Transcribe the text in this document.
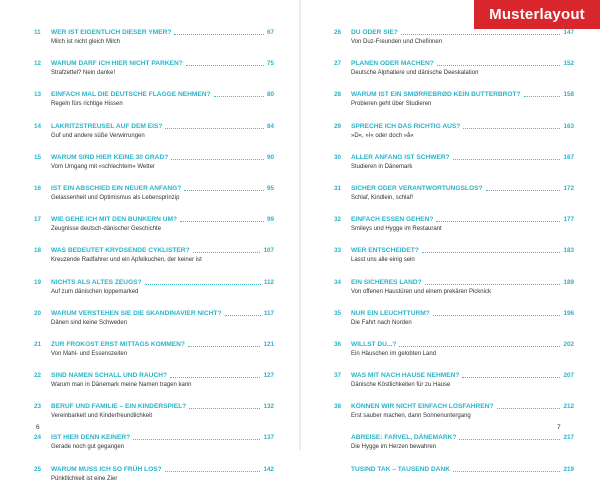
Musterlayout
11	WER IST EIGENTLICH DIESER YMER?	67
Milch ist nicht gleich Milch
12	WARUM DARF ICH HIER NICHT PARKEN?	75
Strafzettel? Nein danke!
13	EINFACH MAL DIE DEUTSCHE FLAGGE NEHMEN?	80
Regeln fürs richtige Hissen
14	LAKRITZSTREUSEL AUF DEM EIS?	84
Guf und andere süße Verwirrungen
15	WARUM SIND HIER KEINE 30 GRAD?	90
Vom Umgang mit »schlechtem« Wetter
16	IST EIN ABSCHIED EIN NEUER ANFANG?	95
Gelassenheit und Optimismus als Lebensprinzip
17	WIE GEHE ICH MIT DEN BUNKERN UM?	99
Zeugnisse deutsch-dänischer Geschichte
18	WAS BEDEUTET KRYDSENDE CYKLISTER?	107
Kreuzende Radfahrer und ein Apfelkuchen, der keiner ist
19	NICHTS ALS ALTES ZEUGS?	112
Auf zum dänischen loppemarked
20	WARUM VERSTEHEN SIE DIE SKANDINAVIER NICHT?	117
Dänen sind keine Schweden
21	ZUR FROKOST ERST MITTAGS KOMMEN?	121
Von Mahl- und Essenszeiten
22	SIND NAMEN SCHALL UND RAUCH?	127
Warum man in Dänemark meine Namen tragen kann
23	BERUF UND FAMILIE – EIN KINDERSPIEL?	132
Vereinbarkeit und Kinderfreundlichkeit
24	IST HIER DENN KEINER?	137
Gerade noch gut gegangen
25	WARUM MUSS ICH SO FRÜH LOS?	142
Pünktlichkeit ist eine Zier
26	DU ODER SIE?	147
Von Duz-Freunden und Chefinnen
27	PLANEN ODER MACHEN?	152
Deutsche Alphatiere und dänische Deeskalation
28	WARUM IST EIN SMØRREBRØD KEIN BUTTERBROT?	158
Probieren geht über Studieren
29	SPRECHE ICH DAS RICHTIG AUS?	163
»D«, »I« oder doch »å«
30	ALLER ANFANG IST SCHWER?	167
Studieren in Dänemark
31	SICHER ODER VERANTWORTUNGSLOS?	172
Schlaf, Kindlein, schlaf!
32	EINFACH ESSEN GEHEN?	177
Smileys und Hygge im Restaurant
33	WER ENTSCHEIDET?	183
Lasst uns alle einig sein
34	EIN SICHERES LAND?	189
Von offenen Haustüren und einem prekären Picknick
35	NUR EIN LEUCHTTURM?	196
Die Fahrt nach Norden
36	WILLST DU...?	202
Ein Häuschen im gelobten Land
37	WAS MIT NACH HAUSE NEHMEN?	207
Dänische Köstlichkeiten für zu Hause
38	KÖNNEN WIR NICHT EINFACH LOSFAHREN?	212
Erst sauber machen, dann Sonnenuntergang
ABREISE: FARVEL, DÄNEMARK?	217
Die Hygge im Herzen bewahren
TUSIND TAK – TAUSEND DANK	219
6	7
